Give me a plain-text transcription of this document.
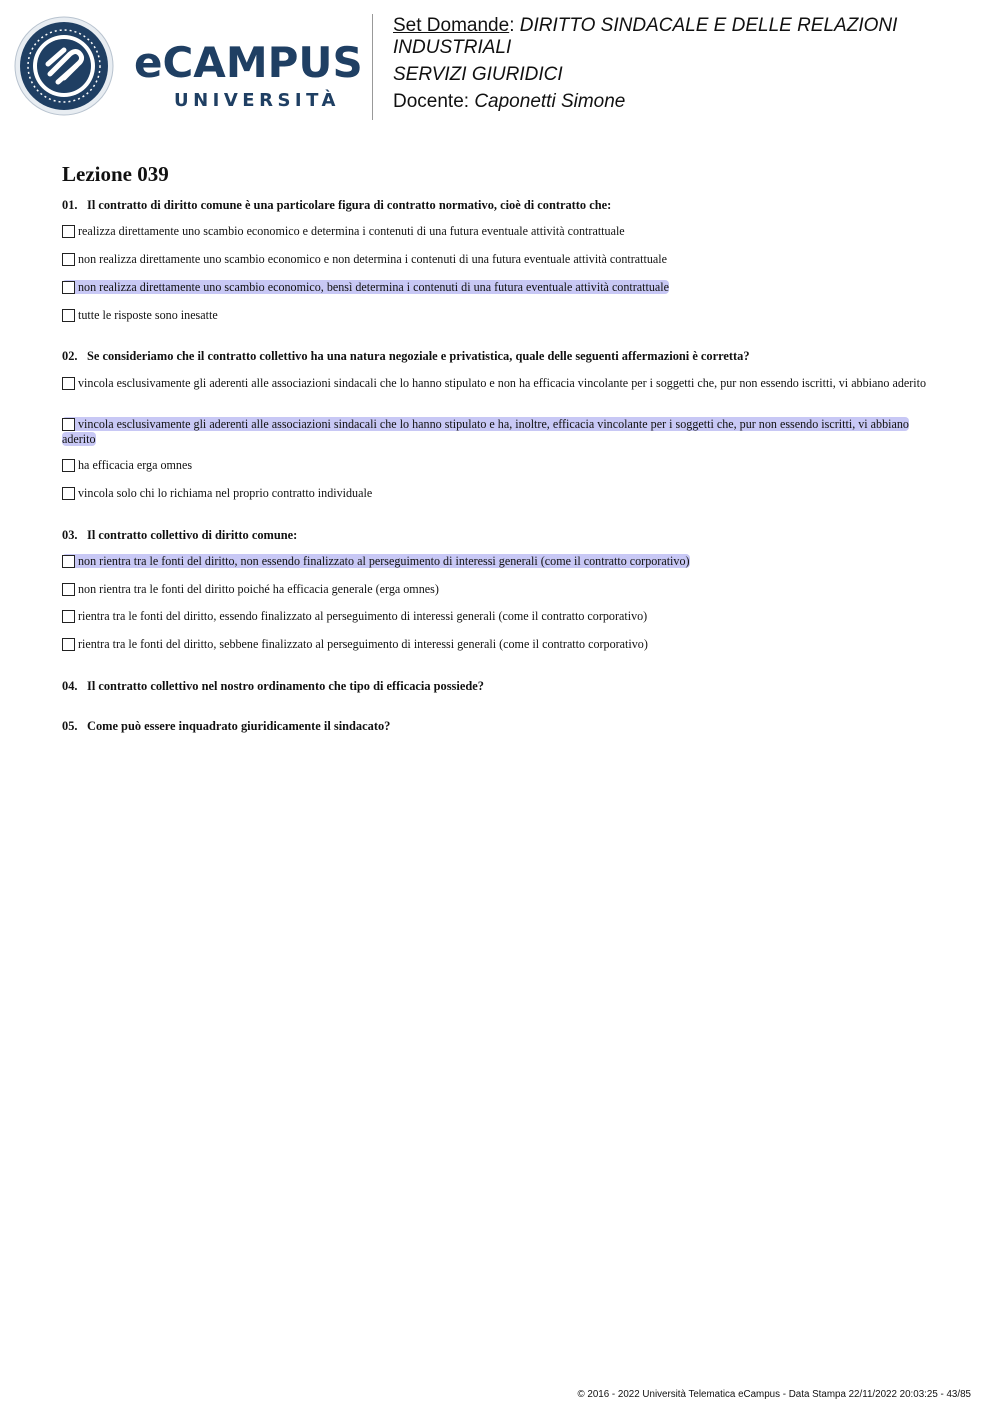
eCAMPUS
UNIVERSITÀ
Set Domande: DIRITTO SINDACALE E DELLE RELAZIONI INDUSTRIALI
SERVIZI GIURIDICI
Docente: Caponetti Simone
Lezione 039
01. Il contratto di diritto comune è una particolare figura di contratto normativo, cioè di contratto che:
realizza direttamente uno scambio economico e determina i contenuti di una futura eventuale attività contrattuale
non realizza direttamente uno scambio economico e non determina i contenuti di una futura eventuale attività contrattuale
non realizza direttamente uno scambio economico, bensì determina i contenuti di una futura eventuale attività contrattuale
tutte le risposte sono inesatte
02. Se consideriamo che il contratto collettivo ha una natura negoziale e privatistica, quale delle seguenti affermazioni è corretta?
vincola esclusivamente gli aderenti alle associazioni sindacali che lo hanno stipulato e non ha efficacia vincolante per i soggetti che, pur non essendo iscritti, vi abbiano aderito
vincola esclusivamente gli aderenti alle associazioni sindacali che lo hanno stipulato e ha, inoltre, efficacia vincolante per i soggetti che, pur non essendo iscritti, vi abbiano aderito
ha efficacia erga omnes
vincola solo chi lo richiama nel proprio contratto individuale
03. Il contratto collettivo di diritto comune:
non rientra tra le fonti del diritto, non essendo finalizzato al perseguimento di interessi generali (come il contratto corporativo)
non rientra tra le fonti del diritto poiché ha efficacia generale (erga omnes)
rientra tra le fonti del diritto, essendo finalizzato al perseguimento di interessi generali (come il contratto corporativo)
rientra tra le fonti del diritto, sebbene finalizzato al perseguimento di interessi generali (come il contratto corporativo)
04. Il contratto collettivo nel nostro ordinamento che tipo di efficacia possiede?
05. Come può essere inquadrato giuridicamente il sindacato?
© 2016 - 2022 Università Telematica eCampus - Data Stampa 22/11/2022 20:03:25 - 43/85
